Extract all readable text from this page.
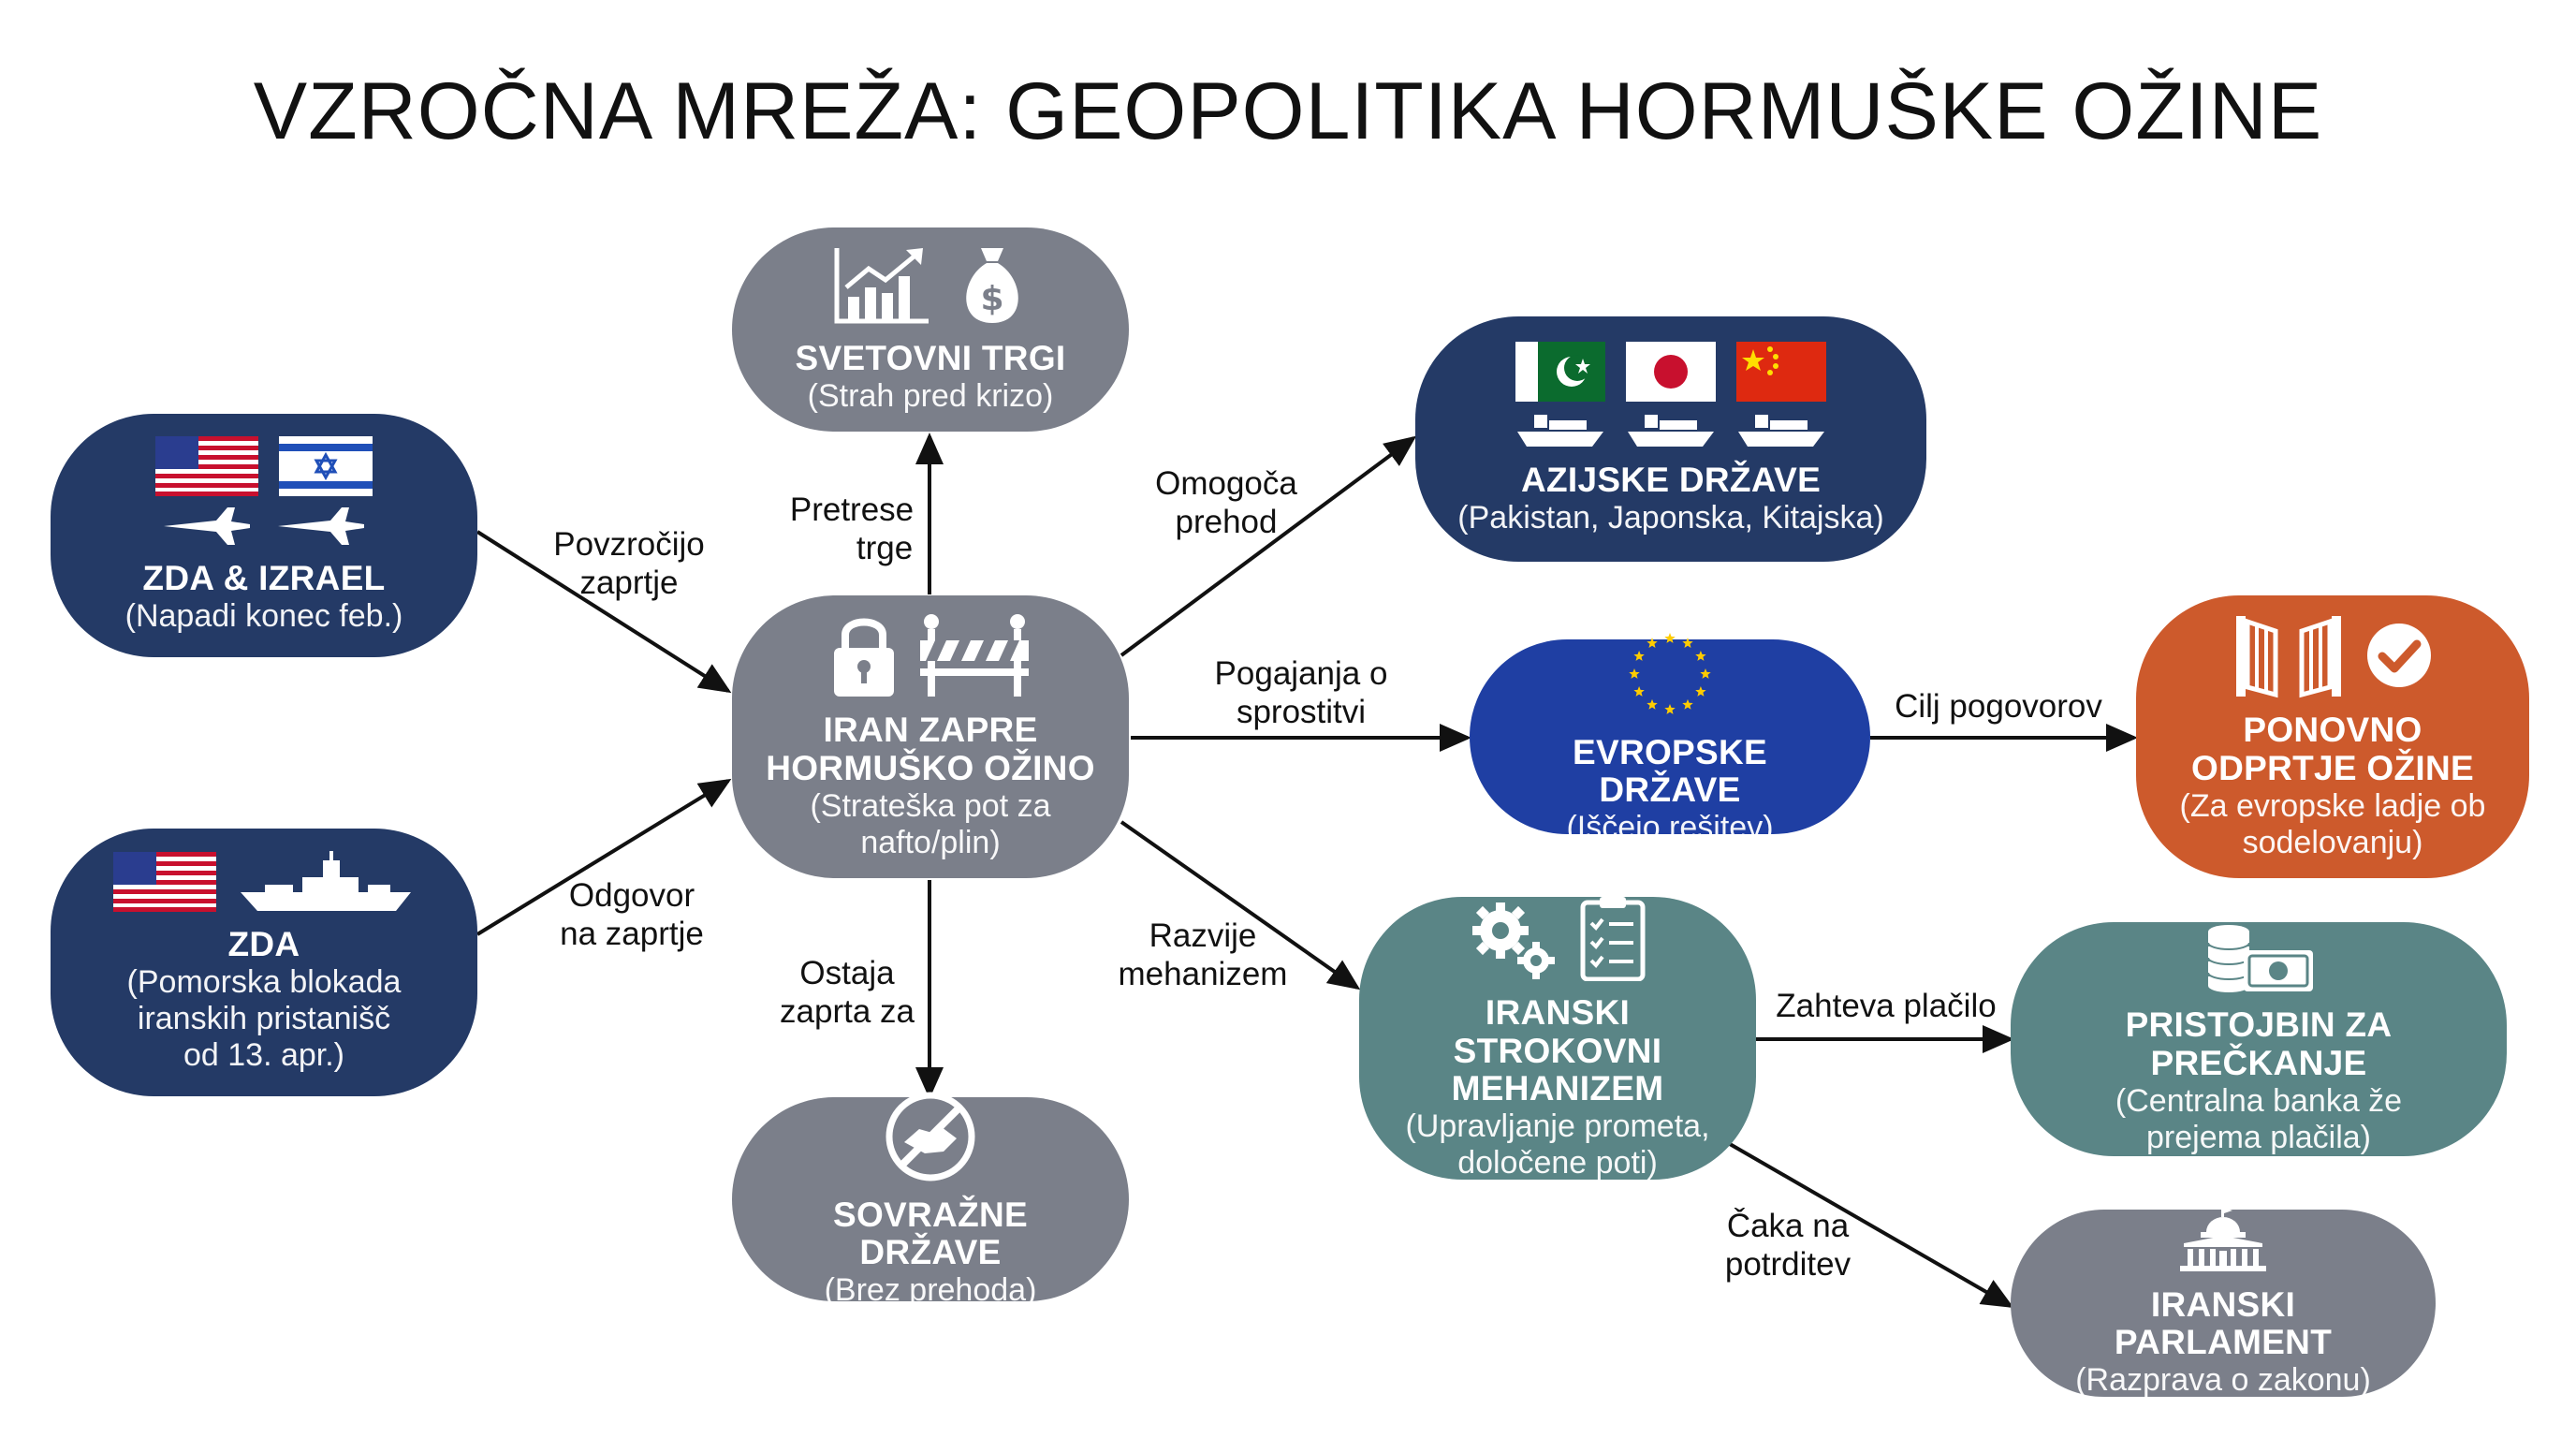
VZROČNA MREŽA: GEOPOLITIKA HORMUŠKE OŽINE
Povzročijo
zaprtje
Odgovor
na zaprtje
Pretrese
trge
Ostaja
zaprta za
Omogoča
prehod
Pogajanja o
sprostitvi
Razvije
mehanizem
Cilj pogovorov
Zahteva plačilo
Čaka na
potrditev
ZDA & IZRAEL
(Napadi konec feb.)
ZDA
(Pomorska blokada
iranskih pristanišč
od 13. apr.)
$
SVETOVNI TRGI
(Strah pred krizo)
IRAN ZAPRE
HORMUŠKO OŽINO
(Strateška pot za
nafto/plin)
SOVRAŽNE DRŽAVE
(Brez prehoda)
AZIJSKE DRŽAVE
(Pakistan, Japonska, Kitajska)
EVROPSKE DRŽAVE
(Iščejo rešitev)
PONOVNO
ODPRTJE OŽINE
(Za evropske ladje ob
sodelovanju)
IRANSKI STROKOVNI
MEHANIZEM
(Upravljanje prometa,
določene poti)
PRISTOJBIN ZA PREČKANJE
(Centralna banka že
prejema plačila)
IRANSKI PARLAMENT
(Razprava o zakonu)
